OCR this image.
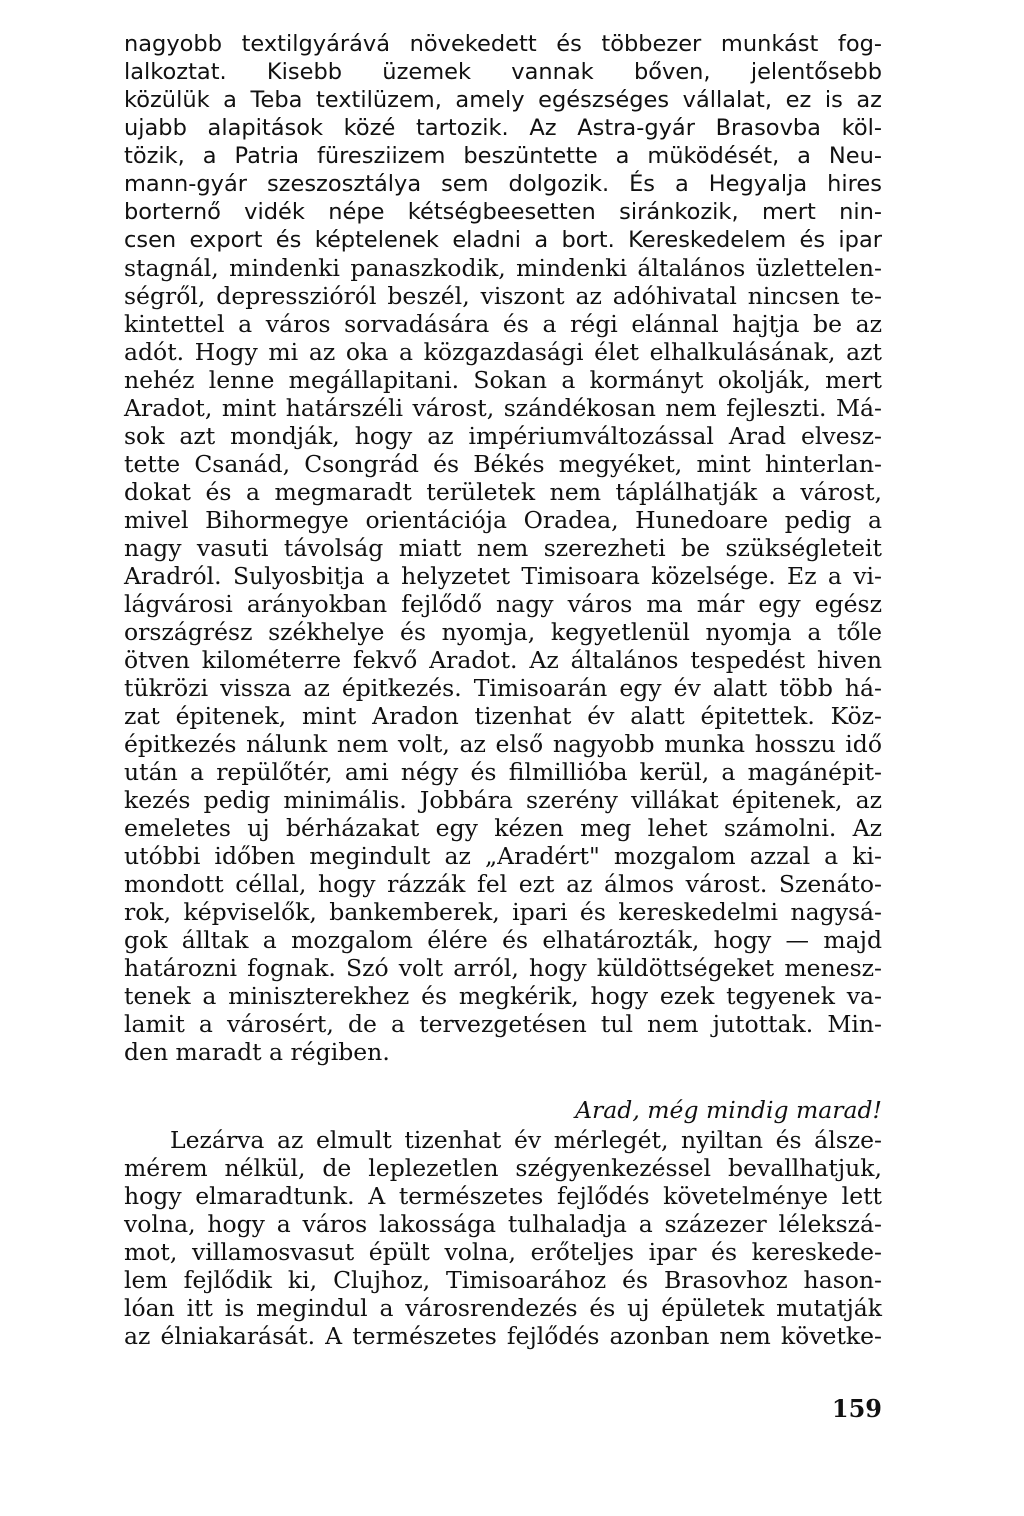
nagyobb textilgyárává növekedett és többezer munkást fog-
lalkoztat. Kisebb üzemek vannak bőven, jelentősebb
közülük a Teba textilüzem, amely egészséges vállalat, ez is az
ujabb alapitások közé tartozik. Az Astra-gyár Brasovba köl-
tözik, a Patria füresziizem beszüntette a müködését, a Neu-
mann-gyár szeszosztálya sem dolgozik. És a Hegyalja hires
borternő vidék népe kétségbeesetten siránkozik, mert nin-
csen export és képtelenek eladni a bort. Kereskedelem és ipar
stagnál, mindenki panaszkodik, mindenki általános üzlettelen-
ségről, depresszióról beszél, viszont az adóhivatal nincsen te-
kintettel a város sorvadására és a régi elánnal hajtja be az
adót. Hogy mi az oka a közgazdasági élet elhalkulásának, azt
nehéz lenne megállapitani. Sokan a kormányt okolják, mert
Aradot, mint határszéli várost, szándékosan nem fejleszti. Má-
sok azt mondják, hogy az impériumváltozással Arad elvesz-
tette Csanád, Csongrád és Békés megyéket, mint hinterlan-
dokat és a megmaradt területek nem táplálhatják a várost,
mivel Bihormegye orientációja Oradea, Hunedoare pedig a
nagy vasuti távolság miatt nem szerezheti be szükségleteit
Aradról. Sulyosbitja a helyzetet Timisoara közelsége. Ez a vi-
lágvárosi arányokban fejlődő nagy város ma már egy egész
országrész székhelye és nyomja, kegyetlenül nyomja a tőle
ötven kilométerre fekvő Aradot. Az általános tespedést hiven
tükrözi vissza az épitkezés. Timisoarán egy év alatt több há-
zat épitenek, mint Aradon tizenhat év alatt épitettek. Köz-
épitkezés nálunk nem volt, az első nagyobb munka hosszu idő
után a repülőtér, ami négy és filmillióba kerül, a magánépit-
kezés pedig minimális. Jobbára szerény villákat épitenek, az
emeletes uj bérházakat egy kézen meg lehet számolni. Az
utóbbi időben megindult az „Aradért" mozgalom azzal a ki-
mondott céllal, hogy rázzák fel ezt az álmos várost. Szenáto-
rok, képviselők, bankemberek, ipari és kereskedelmi nagysá-
gok álltak a mozgalom élére és elhatározták, hogy — majd
határozni fognak. Szó volt arról, hogy küldöttségeket menesz-
tenek a miniszterekhez és megkérik, hogy ezek tegyenek va-
lamit a városért, de a tervezgetésen tul nem jutottak. Min-
den maradt a régiben.
Arad, még mindig marad!
Lezárva az elmult tizenhat év mérlegét, nyiltan és álsze-
mérem nélkül, de leplezetlen szégyenkezéssel bevallhatjuk,
hogy elmaradtunk. A természetes fejlődés követelménye lett
volna, hogy a város lakossága tulhaladja a százezer lélekszá-
mot, villamosvasut épült volna, erőteljes ipar és kereskede-
lem fejlődik ki, Clujhoz, Timisoarához és Brasovhoz hason-
lóan itt is megindul a városrendezés és uj épületek mutatják
az élniakarását. A természetes fejlődés azonban nem követke-
159
